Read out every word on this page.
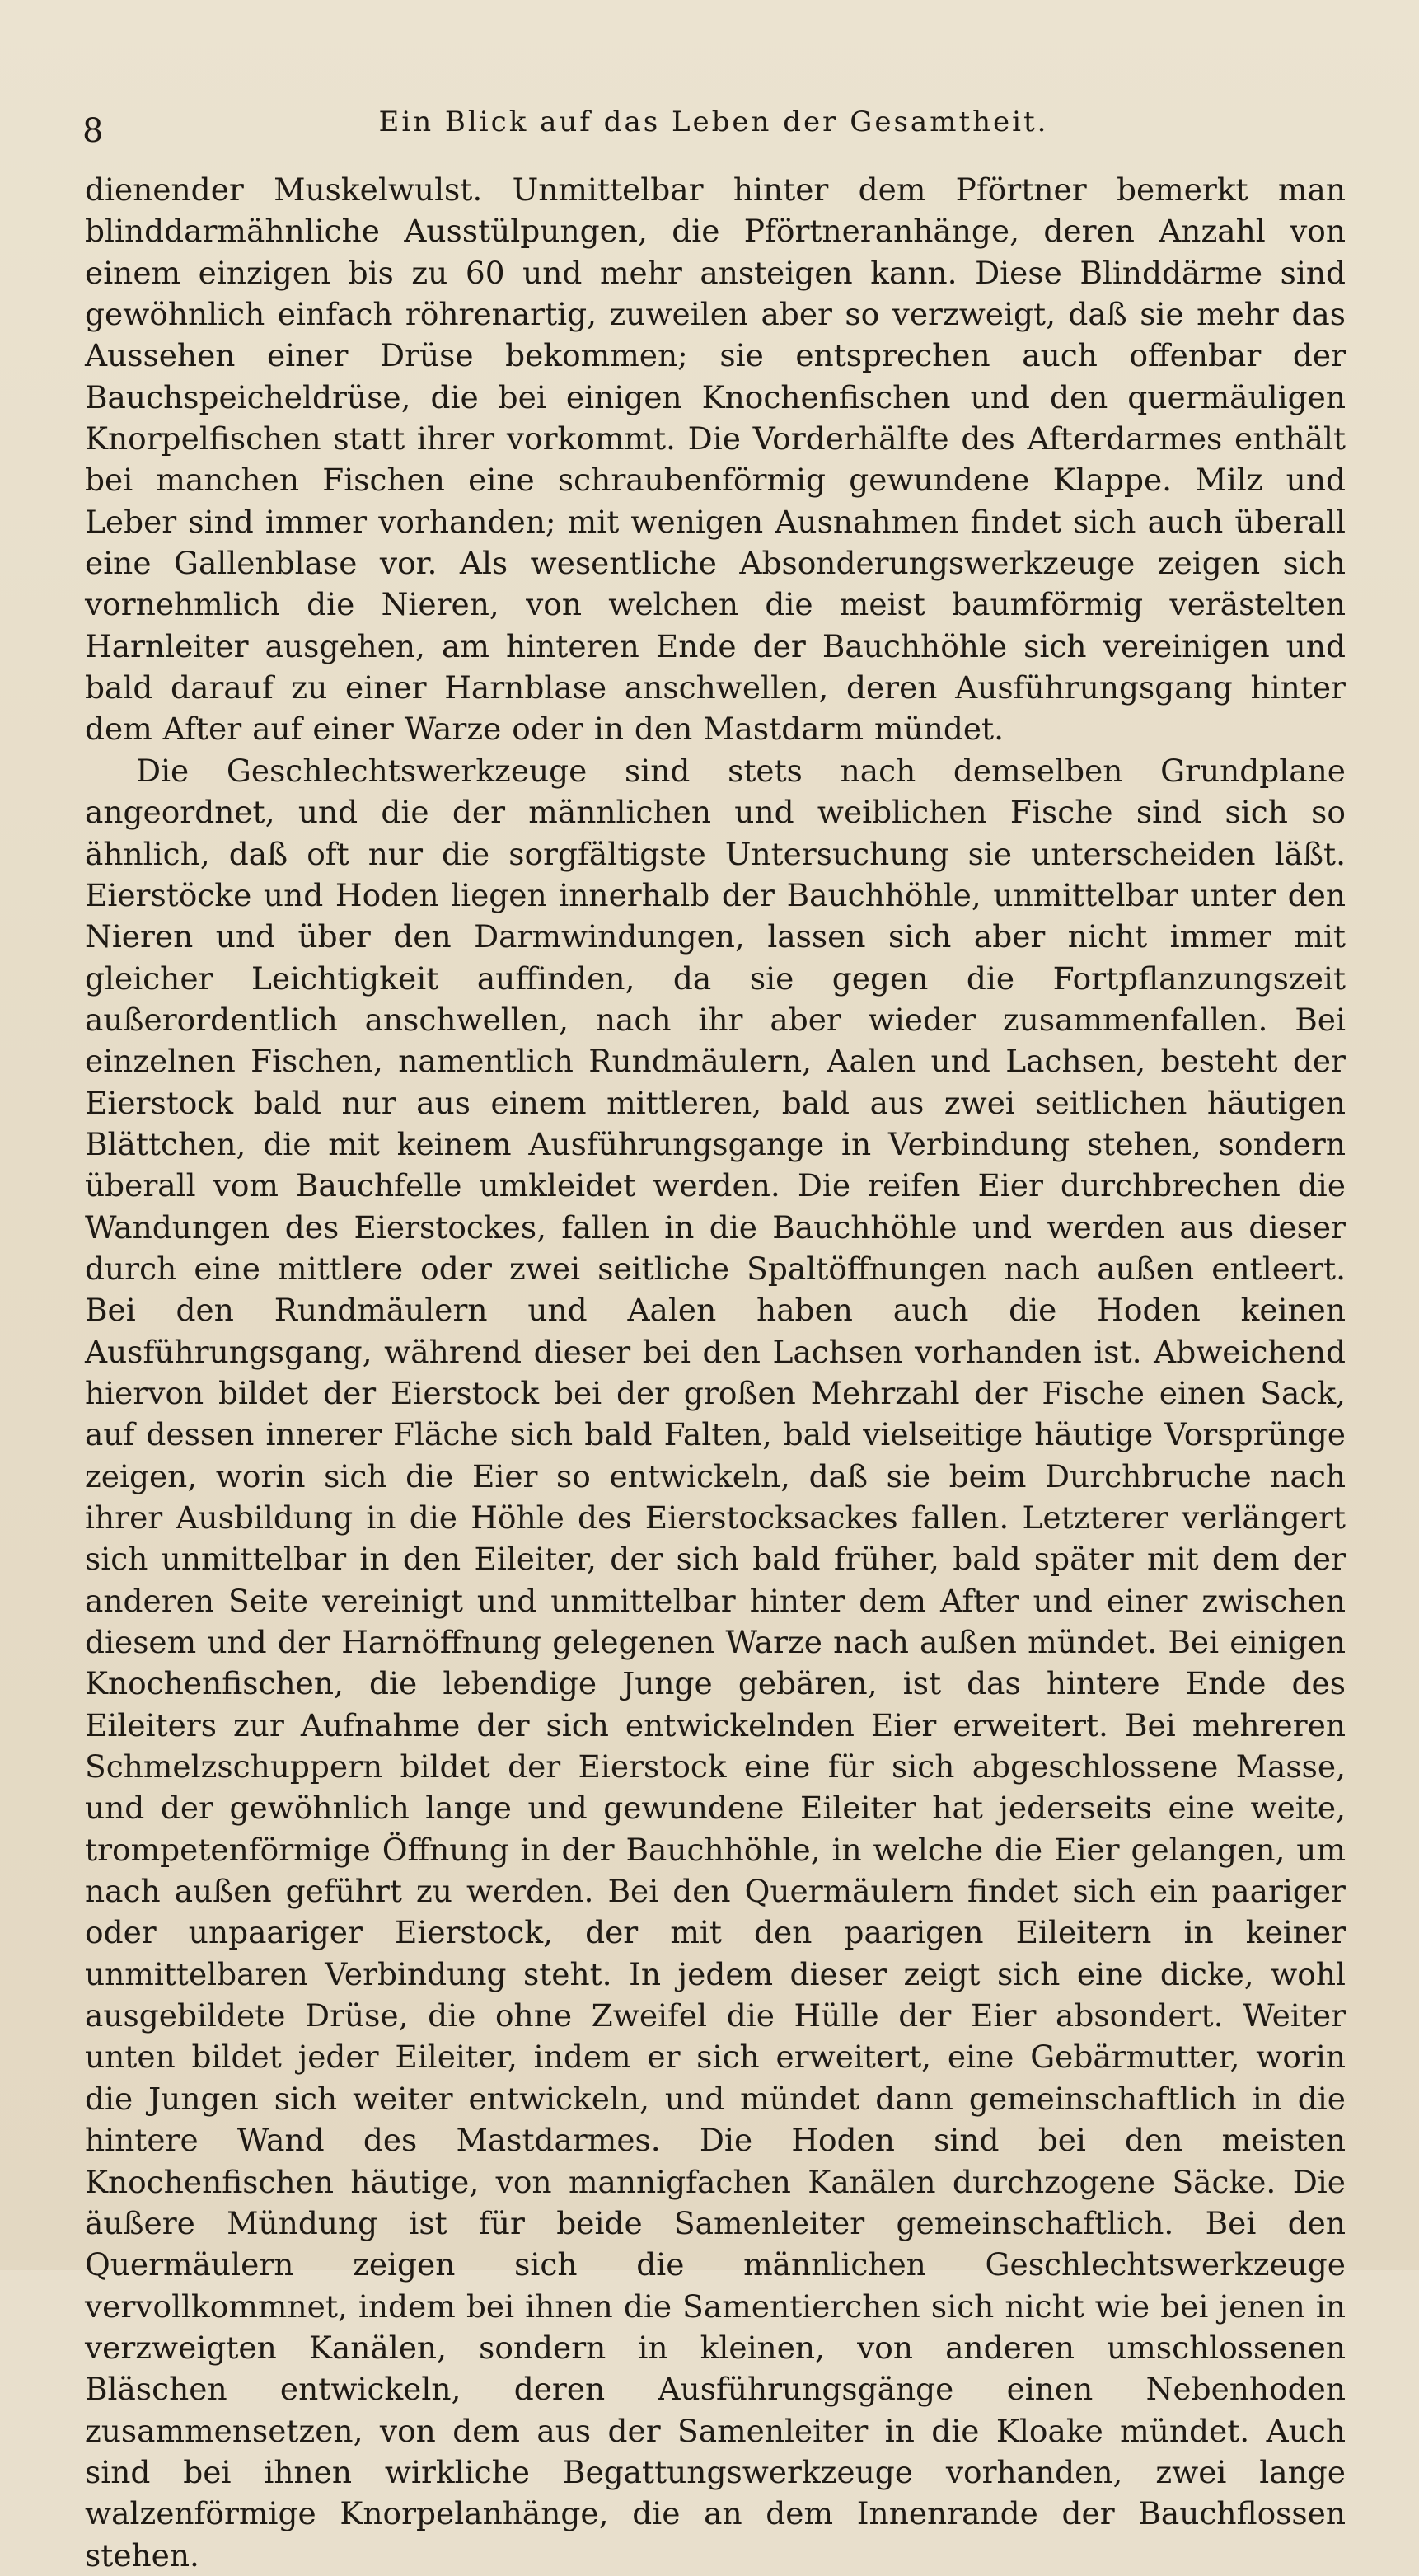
8	Ein Blick auf das Leben der Gesamtheit.

dienender Muskelwulst. Unmittelbar hinter dem Pförtner bemerkt man blinddarmähnliche Ausstülpungen, die Pförtneranhänge, deren Anzahl von einem einzigen bis zu 60 und mehr ansteigen kann. Diese Blinddärme sind gewöhnlich einfach röhrenartig, zuweilen aber so verzweigt, daß sie mehr das Aussehen einer Drüse bekommen; sie entsprechen auch offenbar der Bauchspeicheldrüse, die bei einigen Knochenfischen und den quermäuligen Knorpelfischen statt ihrer vorkommt. Die Vorderhälfte des Afterdarmes enthält bei manchen Fischen eine schraubenförmig gewundene Klappe. Milz und Leber sind immer vorhanden; mit wenigen Ausnahmen findet sich auch überall eine Gallenblase vor. Als wesentliche Absonderungswerkzeuge zeigen sich vornehmlich die Nieren, von welchen die meist baumförmig verästelten Harnleiter ausgehen, am hinteren Ende der Bauchhöhle sich vereinigen und bald darauf zu einer Harnblase anschwellen, deren Ausführungsgang hinter dem After auf einer Warze oder in den Mastdarm mündet.

Die Geschlechtswerkzeuge sind stets nach demselben Grundplane angeordnet, und die der männlichen und weiblichen Fische sind sich so ähnlich, daß oft nur die sorgfältigste Untersuchung sie unterscheiden läßt. Eierstöcke und Hoden liegen innerhalb der Bauchhöhle, unmittelbar unter den Nieren und über den Darmwindungen, lassen sich aber nicht immer mit gleicher Leichtigkeit auffinden, da sie gegen die Fortpflanzungszeit außerordentlich anschwellen, nach ihr aber wieder zusammenfallen. Bei einzelnen Fischen, namentlich Rundmäulern, Aalen und Lachsen, besteht der Eierstock bald nur aus einem mittleren, bald aus zwei seitlichen häutigen Blättchen, die mit keinem Ausführungsgange in Verbindung stehen, sondern überall vom Bauchfelle umkleidet werden. Die reifen Eier durchbrechen die Wandungen des Eierstockes, fallen in die Bauchhöhle und werden aus dieser durch eine mittlere oder zwei seitliche Spaltöffnungen nach außen entleert. Bei den Rundmäulern und Aalen haben auch die Hoden keinen Ausführungsgang, während dieser bei den Lachsen vorhanden ist. Abweichend hiervon bildet der Eierstock bei der großen Mehrzahl der Fische einen Sack, auf dessen innerer Fläche sich bald Falten, bald vielseitige häutige Vorsprünge zeigen, worin sich die Eier so entwickeln, daß sie beim Durchbruche nach ihrer Ausbildung in die Höhle des Eierstocksackes fallen. Letzterer verlängert sich unmittelbar in den Eileiter, der sich bald früher, bald später mit dem der anderen Seite vereinigt und unmittelbar hinter dem After und einer zwischen diesem und der Harnöffnung gelegenen Warze nach außen mündet. Bei einigen Knochenfischen, die lebendige Junge gebären, ist das hintere Ende des Eileiters zur Aufnahme der sich entwickelnden Eier erweitert. Bei mehreren Schmelzschuppern bildet der Eierstock eine für sich abgeschlossene Masse, und der gewöhnlich lange und gewundene Eileiter hat jederseits eine weite, trompetenförmige Öffnung in der Bauchhöhle, in welche die Eier gelangen, um nach außen geführt zu werden. Bei den Quermäulern findet sich ein paariger oder unpaariger Eierstock, der mit den paarigen Eileitern in keiner unmittelbaren Verbindung steht. In jedem dieser zeigt sich eine dicke, wohl ausgebildete Drüse, die ohne Zweifel die Hülle der Eier absondert. Weiter unten bildet jeder Eileiter, indem er sich erweitert, eine Gebärmutter, worin die Jungen sich weiter entwickeln, und mündet dann gemeinschaftlich in die hintere Wand des Mastdarmes. Die Hoden sind bei den meisten Knochenfischen häutige, von mannigfachen Kanälen durchzogene Säcke. Die äußere Mündung ist für beide Samenleiter gemeinschaftlich. Bei den Quermäulern zeigen sich die männlichen Geschlechtswerkzeuge vervollkommnet, indem bei ihnen die Samentierchen sich nicht wie bei jenen in verzweigten Kanälen, sondern in kleinen, von anderen umschlossenen Bläschen entwickeln, deren Ausführungsgänge einen Nebenhoden zusammensetzen, von dem aus der Samenleiter in die Kloake mündet. Auch sind bei ihnen wirkliche Begattungswerkzeuge vorhanden, zwei lange walzenförmige Knorpelanhänge, die an dem Innenrande der Bauchflossen stehen.
